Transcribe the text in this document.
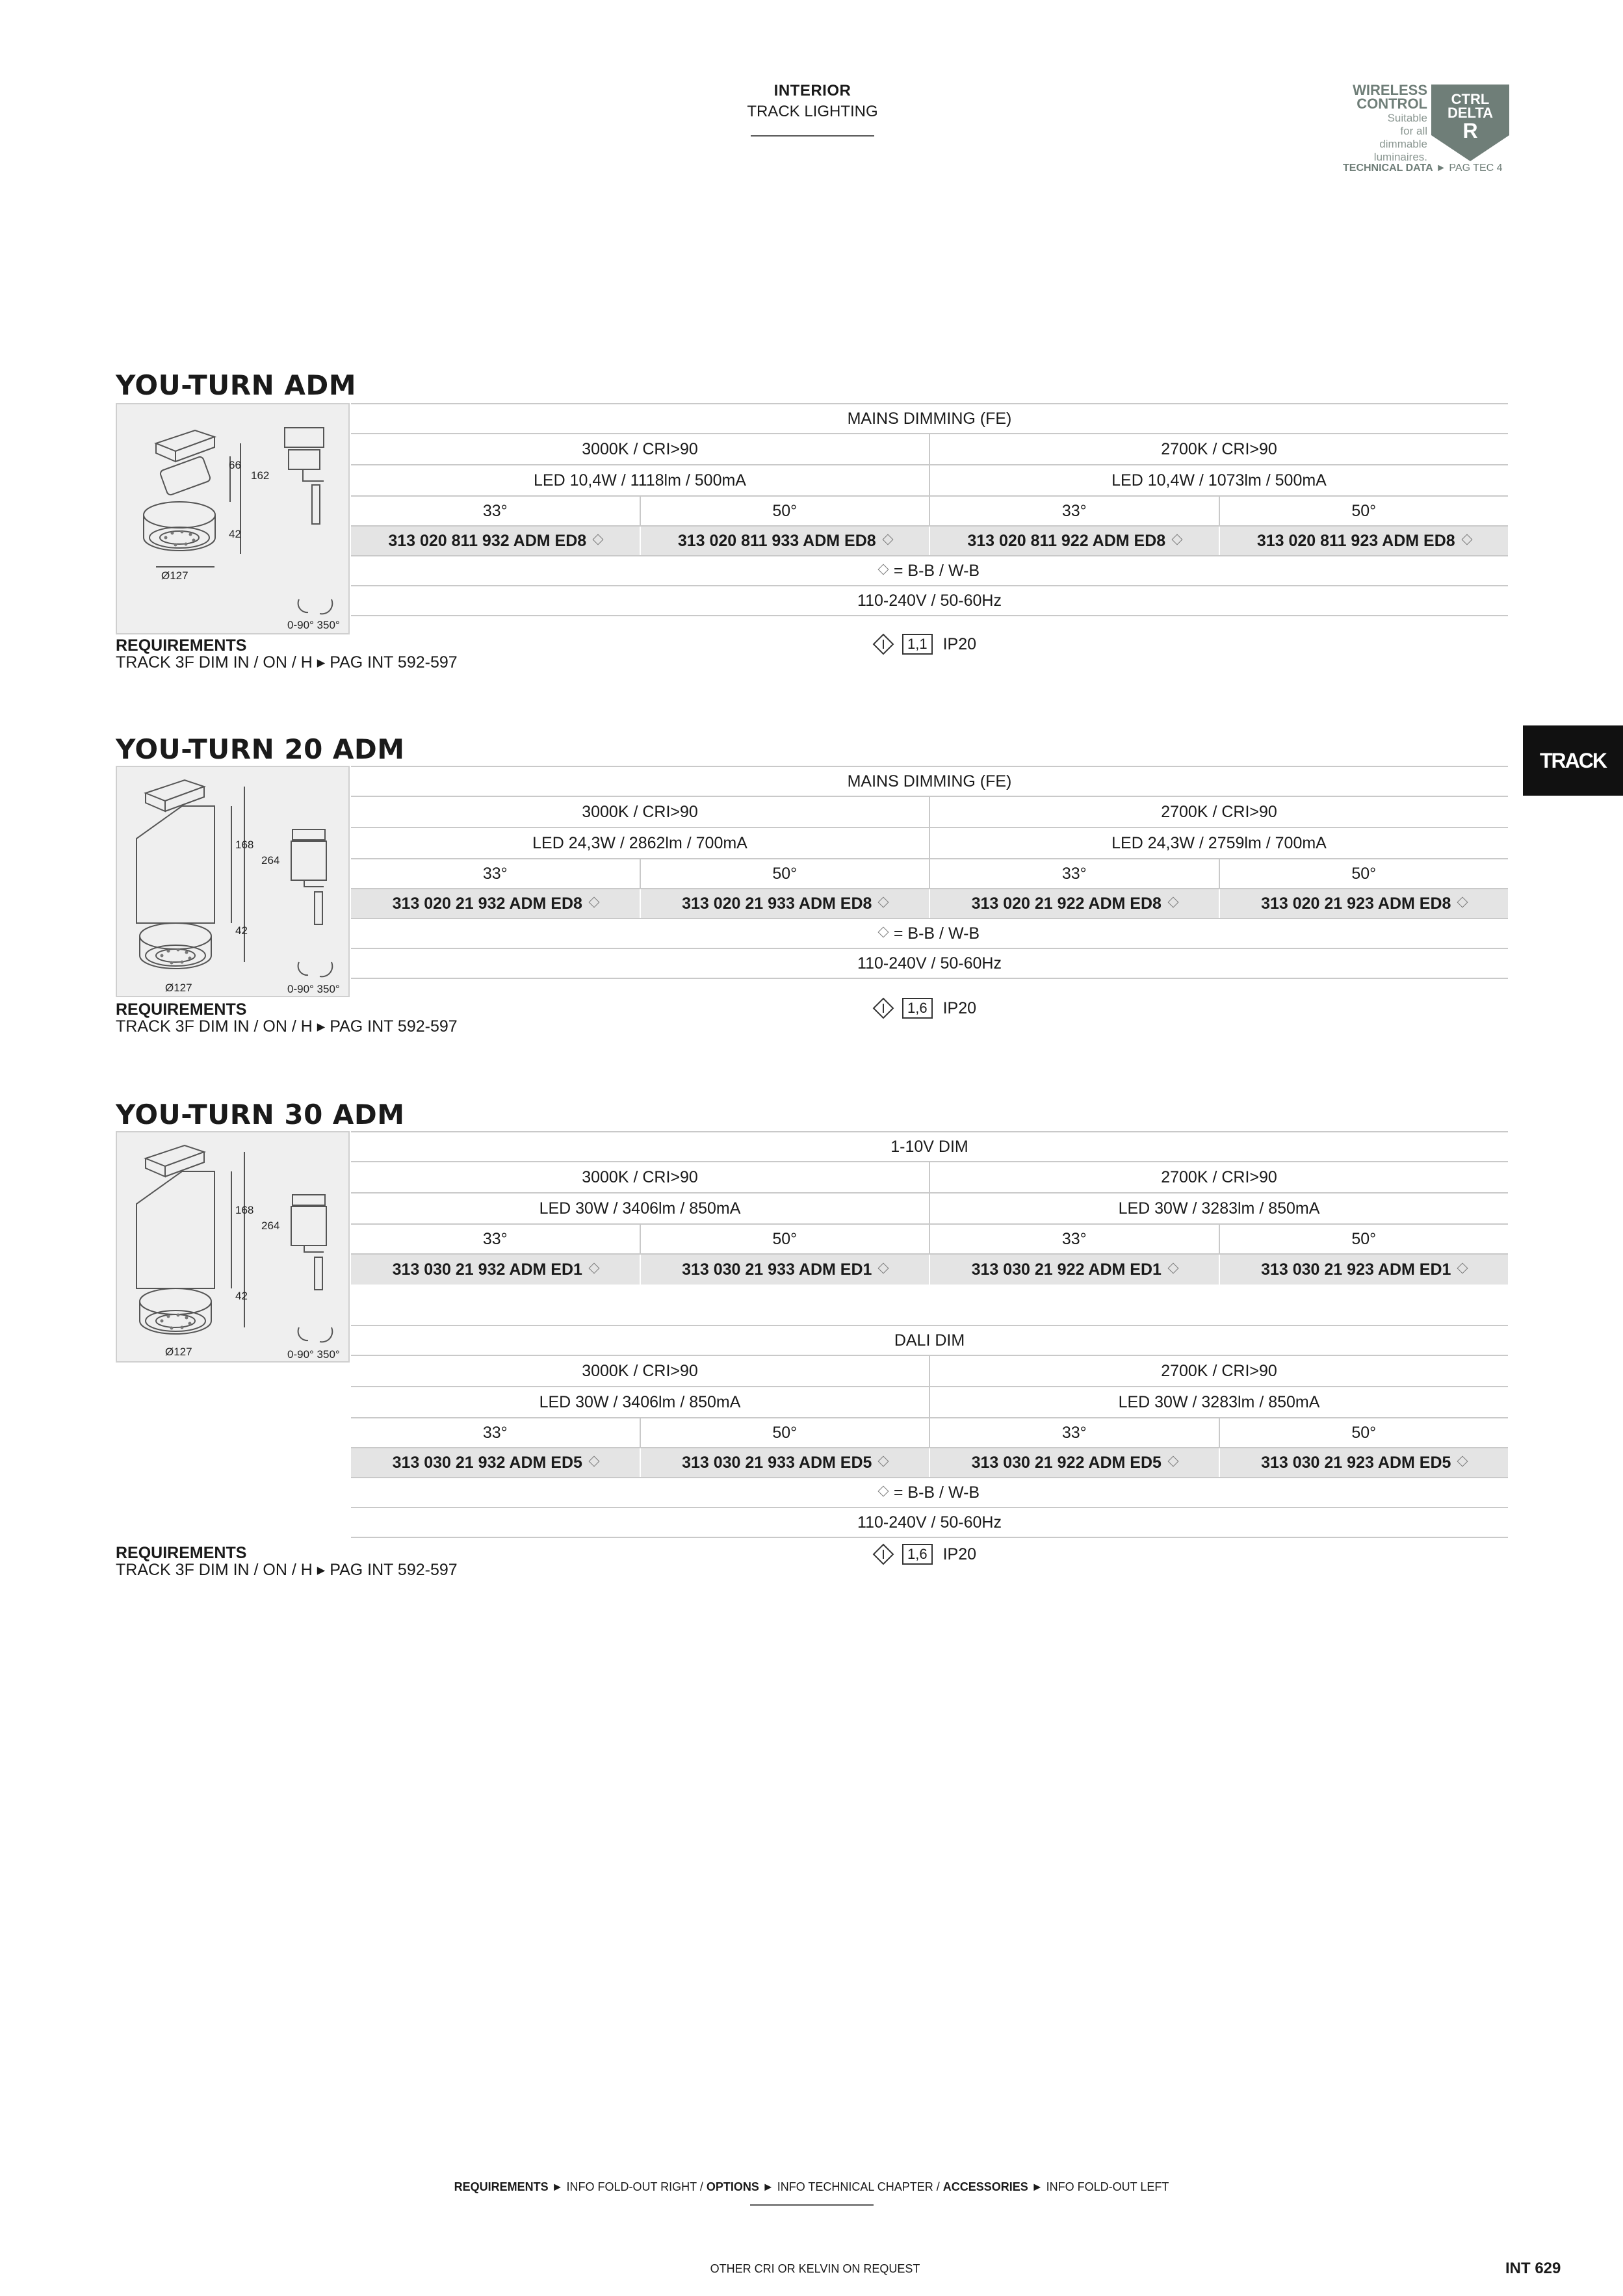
INTERIOR
TRACK LIGHTING
WIRELESS
CONTROL
Suitable
for all
dimmable
luminaires.
CTRL
DELTA
R
TECHNICAL DATA ► PAG TEC 4
TRACK
YOU-TURN ADM
66
162
42
Ø127
0-90° 350°
MAINS DIMMING (FE)
3000K / CRI>90	2700K / CRI>90
LED 10,4W / 1118lm / 500mA	LED 10,4W / 1073lm / 500mA
33°	50°	33°	50°
313 020 811 932 ADM ED8	313 020 811 933 ADM ED8	313 020 811 922 ADM ED8	313 020 811 923 ADM ED8
= B-B / W-B
110-240V / 50-60Hz
REQUIREMENTS
TRACK 3F DIM IN / ON / H ▸ PAG INT 592-597
1,1 IP20
YOU-TURN 20 ADM
168
264
42
Ø127	0-90° 350°
MAINS DIMMING (FE)
3000K / CRI>90	2700K / CRI>90
LED 24,3W / 2862lm / 700mA	LED 24,3W / 2759lm / 700mA
33°	50°	33°	50°
313 020 21 932 ADM ED8	313 020 21 933 ADM ED8	313 020 21 922 ADM ED8	313 020 21 923 ADM ED8
= B-B / W-B
110-240V / 50-60Hz
REQUIREMENTS
TRACK 3F DIM IN / ON / H ▸ PAG INT 592-597
1,6 IP20
YOU-TURN 30 ADM
168
264
42
Ø127	0-90° 350°
1-10V DIM
3000K / CRI>90	2700K / CRI>90
LED 30W / 3406lm / 850mA	LED 30W / 3283lm / 850mA
33°	50°	33°	50°
313 030 21 932 ADM ED1	313 030 21 933 ADM ED1	313 030 21 922 ADM ED1	313 030 21 923 ADM ED1
DALI DIM
3000K / CRI>90	2700K / CRI>90
LED 30W / 3406lm / 850mA	LED 30W / 3283lm / 850mA
33°	50°	33°	50°
313 030 21 932 ADM ED5	313 030 21 933 ADM ED5	313 030 21 922 ADM ED5	313 030 21 923 ADM ED5
= B-B / W-B
110-240V / 50-60Hz
REQUIREMENTS
TRACK 3F DIM IN / ON / H ▸ PAG INT 592-597
1,6 IP20
REQUIREMENTS ► INFO FOLD-OUT RIGHT / OPTIONS ► INFO TECHNICAL CHAPTER / ACCESSORIES ► INFO FOLD-OUT LEFT
OTHER CRI OR KELVIN ON REQUEST	INT 629
